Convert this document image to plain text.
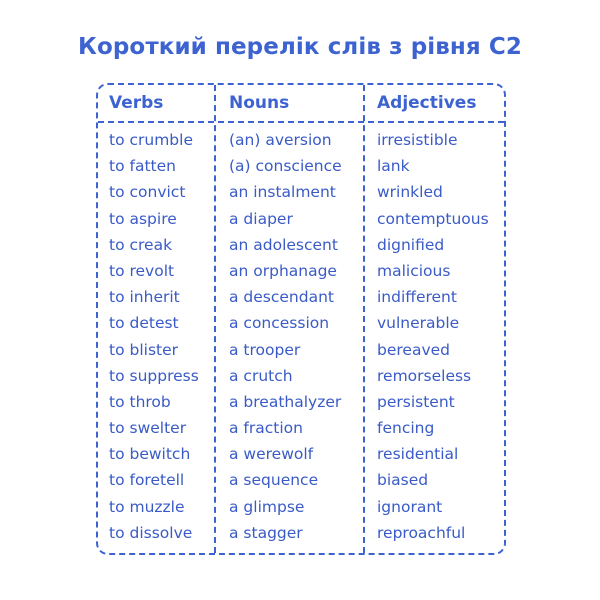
Короткий перелік слів з рівня С2
Verbs
to crumble
to fatten
to convict
to aspire
to creak
to revolt
to inherit
to detest
to blister
to suppress
to throb
to swelter
to bewitch
to foretell
to muzzle
to dissolve
Nouns
(an) aversion
(a) conscience
an instalment
a diaper
an adolescent
an orphanage
a descendant
a concession
a trooper
a crutch
a breathalyzer
a fraction
a werewolf
a sequence
a glimpse
a stagger
Adjectives
irresistible
lank
wrinkled
contemptuous
dignified
malicious
indifferent
vulnerable
bereaved
remorseless
persistent
fencing
residential
biased
ignorant
reproachful
